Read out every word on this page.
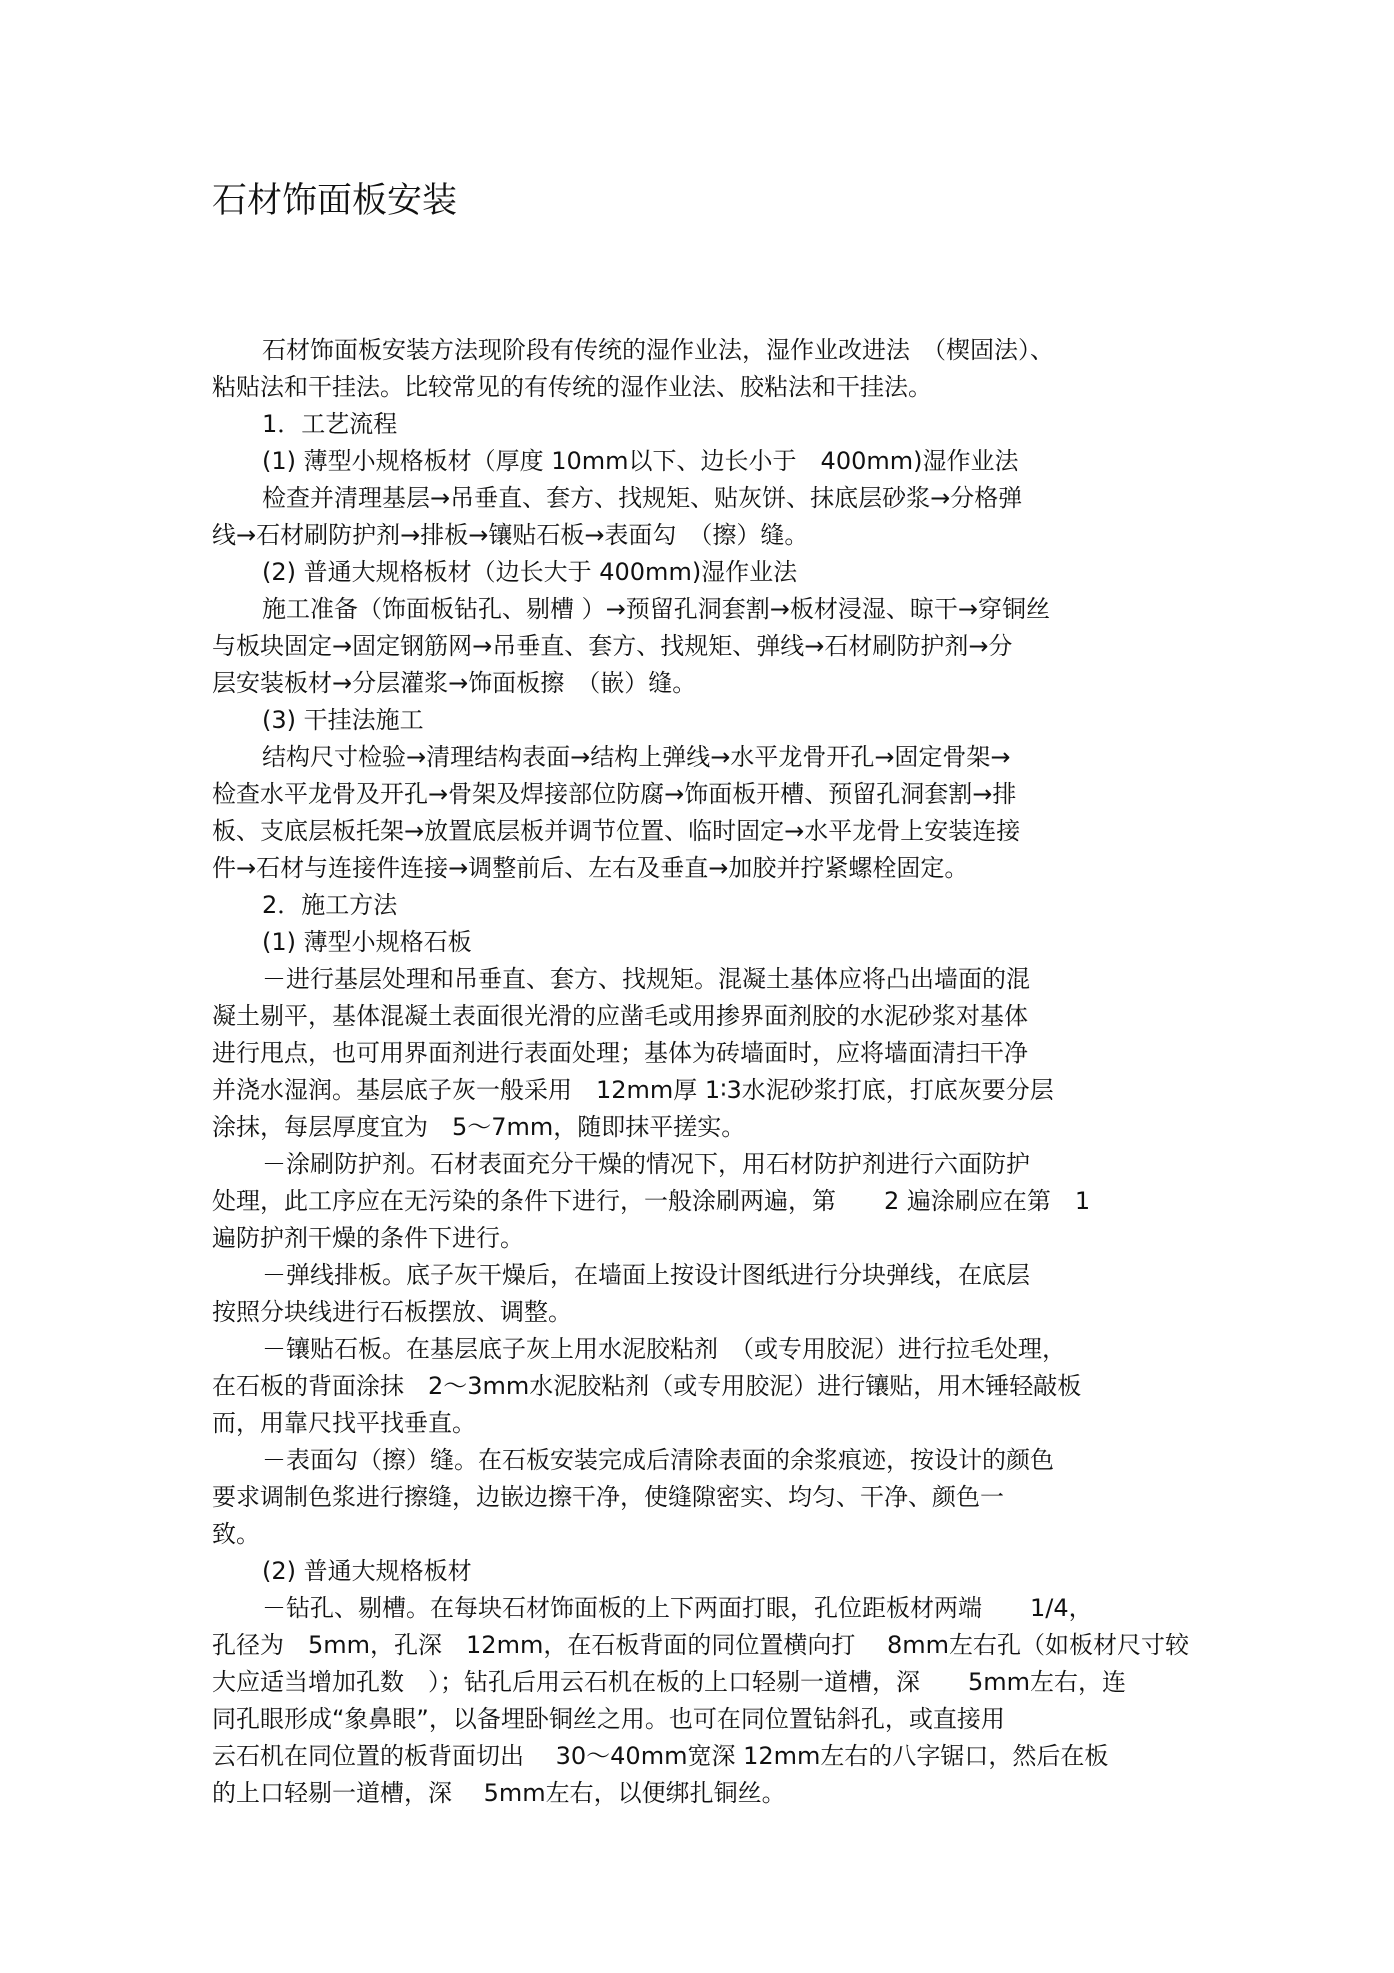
石材饰面板安装
石材饰面板安装方法现阶段有传统的湿作业法，湿作业改进法　（楔固法）、
粘贴法和干挂法。比较常见的有传统的湿作业法、胶粘法和干挂法。
1．工艺流程
(1) 薄型小规格板材（厚度 10mm以下、边长小于　400mm)湿作业法
检查并清理基层→吊垂直、套方、找规矩、贴灰饼、抹底层砂浆→分格弹
线→石材刷防护剂→排板→镶贴石板→表面勾　（擦）缝。
(2) 普通大规格板材（边长大于 400mm)湿作业法
施工准备（饰面板钻孔、剔槽 ）→预留孔洞套割→板材浸湿、晾干→穿铜丝
与板块固定→固定钢筋网→吊垂直、套方、找规矩、弹线→石材刷防护剂→分
层安装板材→分层灌浆→饰面板擦　（嵌）缝。
(3) 干挂法施工
结构尺寸检验→清理结构表面→结构上弹线→水平龙骨开孔→固定骨架→
检查水平龙骨及开孔→骨架及焊接部位防腐→饰面板开槽、预留孔洞套割→排
板、支底层板托架→放置底层板并调节位置、临时固定→水平龙骨上安装连接
件→石材与连接件连接→调整前后、左右及垂直→加胶并拧紧螺栓固定。
2．施工方法
(1) 薄型小规格石板
－进行基层处理和吊垂直、套方、找规矩。混凝土基体应将凸出墙面的混
凝土剔平，基体混凝土表面很光滑的应凿毛或用掺界面剂胶的水泥砂浆对基体
进行甩点，也可用界面剂进行表面处理；基体为砖墙面时，应将墙面清扫干净
并浇水湿润。基层底子灰一般采用　12mm厚 1∶3水泥砂浆打底，打底灰要分层
涂抹，每层厚度宜为　5～7mm，随即抹平搓实。
－涂刷防护剂。石材表面充分干燥的情况下，用石材防护剂进行六面防护
处理，此工序应在无污染的条件下进行，一般涂刷两遍，第　　2 遍涂刷应在第　1
遍防护剂干燥的条件下进行。
－弹线排板。底子灰干燥后，在墙面上按设计图纸进行分块弹线，在底层
按照分块线进行石板摆放、调整。
－镶贴石板。在基层底子灰上用水泥胶粘剂　（或专用胶泥）进行拉毛处理，
在石板的背面涂抹　2～3mm水泥胶粘剂（或专用胶泥）进行镶贴，用木锤轻敲板
而，用靠尺找平找垂直。
－表面勾（擦）缝。在石板安装完成后清除表面的余浆痕迹，按设计的颜色
要求调制色浆进行擦缝，边嵌边擦干净，使缝隙密实、均匀、干净、颜色一
致。
(2) 普通大规格板材
－钻孔、剔槽。在每块石材饰面板的上下两面打眼，孔位距板材两端　　1/4，
孔径为　5mm，孔深　12mm，在石板背面的同位置横向打　 8mm左右孔（如板材尺寸较
大应适当增加孔数　）；钻孔后用云石机在板的上口轻剔一道槽，深　　5mm左右，连
同孔眼形成“象鼻眼”，以备埋卧铜丝之用。也可在同位置钻斜孔，或直接用
云石机在同位置的板背面切出　 30～40mm宽深 12mm左右的八字锯口，然后在板
的上口轻剔一道槽，深　 5mm左右，以便绑扎铜丝。
